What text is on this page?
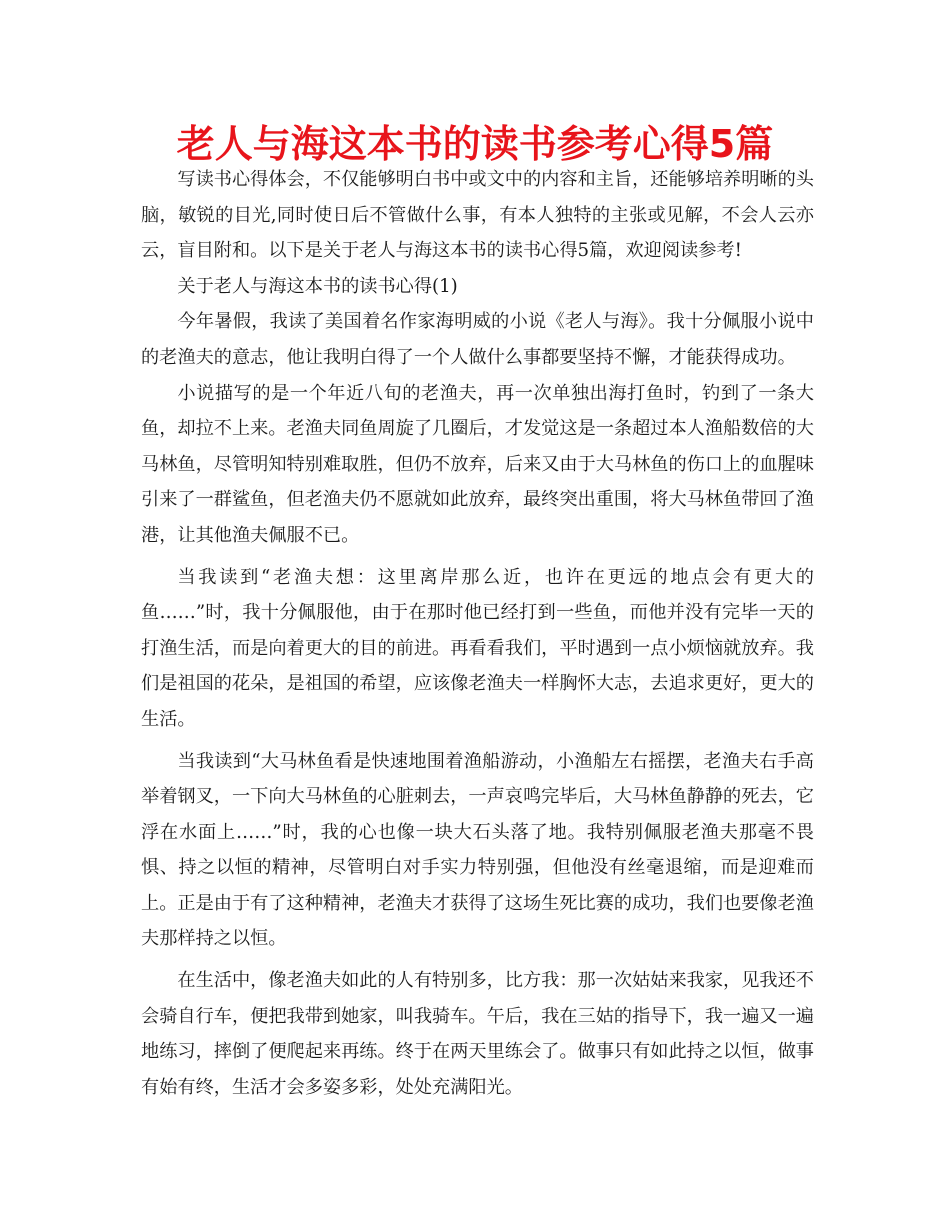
老人与海这本书的读书参考心得5篇

写读书心得体会，不仅能够明白书中或文中的内容和主旨，还能够培养明晰的头脑，敏锐的目光,同时使日后不管做什么事，有本人独特的主张或见解，不会人云亦云，盲目附和。以下是关于老人与海这本书的读书心得5篇，欢迎阅读参考!

关于老人与海这本书的读书心得(1)

今年暑假，我读了美国着名作家海明威的小说《老人与海》。我十分佩服小说中的老渔夫的意志，他让我明白得了一个人做什么事都要坚持不懈，才能获得成功。

小说描写的是一个年近八旬的老渔夫，再一次单独出海打鱼时，钓到了一条大鱼，却拉不上来。老渔夫同鱼周旋了几圈后，才发觉这是一条超过本人渔船数倍的大马林鱼，尽管明知特别难取胜，但仍不放弃，后来又由于大马林鱼的伤口上的血腥味引来了一群鲨鱼，但老渔夫仍不愿就如此放弃，最终突出重围，将大马林鱼带回了渔港，让其他渔夫佩服不已。

当我读到“老渔夫想：这里离岸那么近，也许在更远的地点会有更大的鱼……”时，我十分佩服他，由于在那时他已经打到一些鱼，而他并没有完毕一天的打渔生活，而是向着更大的目的前进。再看看我们，平时遇到一点小烦恼就放弃。我们是祖国的花朵，是祖国的希望，应该像老渔夫一样胸怀大志，去追求更好，更大的生活。

当我读到“大马林鱼看是快速地围着渔船游动，小渔船左右摇摆，老渔夫右手高举着钢叉，一下向大马林鱼的心脏刺去，一声哀鸣完毕后，大马林鱼静静的死去，它浮在水面上……”时，我的心也像一块大石头落了地。我特别佩服老渔夫那毫不畏惧、持之以恒的精神，尽管明白对手实力特别强，但他没有丝毫退缩，而是迎难而上。正是由于有了这种精神，老渔夫才获得了这场生死比赛的成功，我们也要像老渔夫那样持之以恒。

在生活中，像老渔夫如此的人有特别多，比方我：那一次姑姑来我家，见我还不会骑自行车，便把我带到她家，叫我骑车。午后，我在三姑的指导下，我一遍又一遍地练习，摔倒了便爬起来再练。终于在两天里练会了。做事只有如此持之以恒，做事有始有终，生活才会多姿多彩，处处充满阳光。
